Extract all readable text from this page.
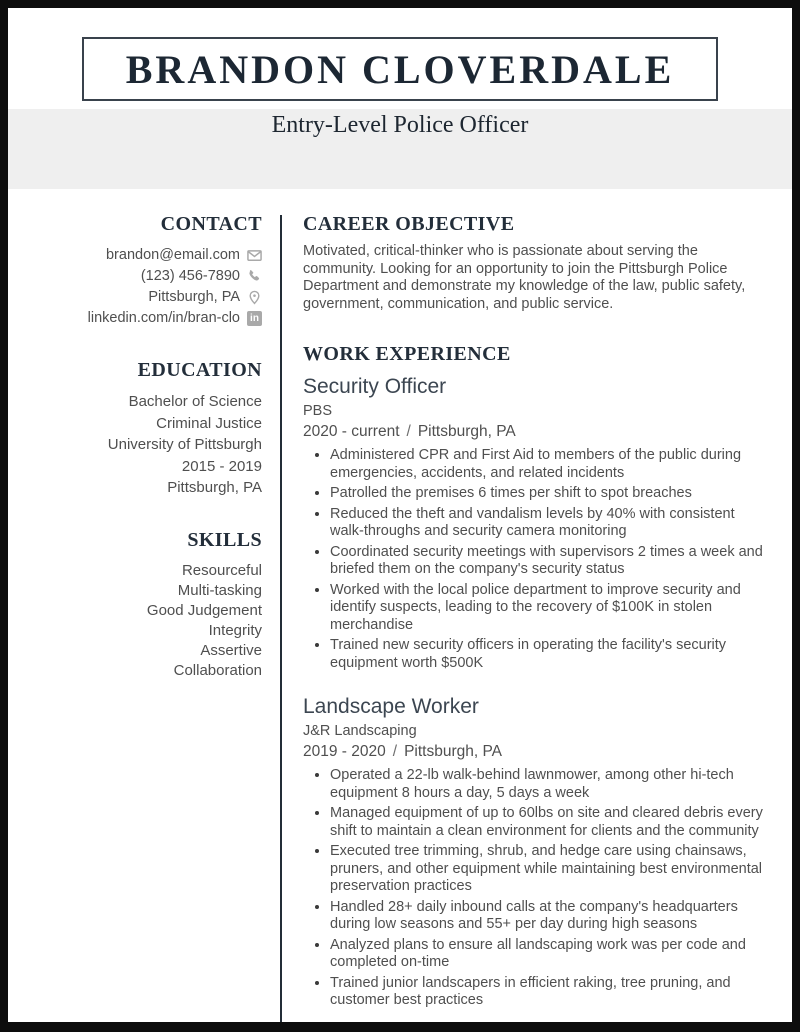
BRANDON CLOVERDALE
Entry-Level Police Officer
CONTACT
brandon@email.com
(123) 456-7890
Pittsburgh, PA
linkedin.com/in/bran-clo	in
EDUCATION
Bachelor of Science
Criminal Justice
University of Pittsburgh
2015 - 2019
Pittsburgh, PA
SKILLS
Resourceful
Multi-tasking
Good Judgement
Integrity
Assertive
Collaboration
CAREER OBJECTIVE

Motivated, critical-thinker who is passionate about serving the community. Looking for an opportunity to join the Pittsburgh Police Department and demonstrate my knowledge of the law, public safety, government, communication, and public service.

WORK EXPERIENCE
Security Officer
PBS
2020 - current / Pittsburgh, PA
• Administered CPR and First Aid to members of the public during emergencies, accidents, and related incidents
• Patrolled the premises 6 times per shift to spot breaches
• Reduced the theft and vandalism levels by 40% with consistent walk-throughs and security camera monitoring
• Coordinated security meetings with supervisors 2 times a week and briefed them on the company's security status
• Worked with the local police department to improve security and identify suspects, leading to the recovery of $100K in stolen merchandise
• Trained new security officers in operating the facility's security equipment worth $500K
Landscape Worker
J&R Landscaping
2019 - 2020 / Pittsburgh, PA
• Operated a 22-lb walk-behind lawnmower, among other hi-tech equipment 8 hours a day, 5 days a week
• Managed equipment of up to 60lbs on site and cleared debris every shift to maintain a clean environment for clients and the community
• Executed tree trimming, shrub, and hedge care using chainsaws, pruners, and other equipment while maintaining best environmental preservation practices
• Handled 28+ daily inbound calls at the company's headquarters during low seasons and 55+ per day during high seasons
• Analyzed plans to ensure all landscaping work was per code and completed on-time
• Trained junior landscapers in efficient raking, tree pruning, and customer best practices
